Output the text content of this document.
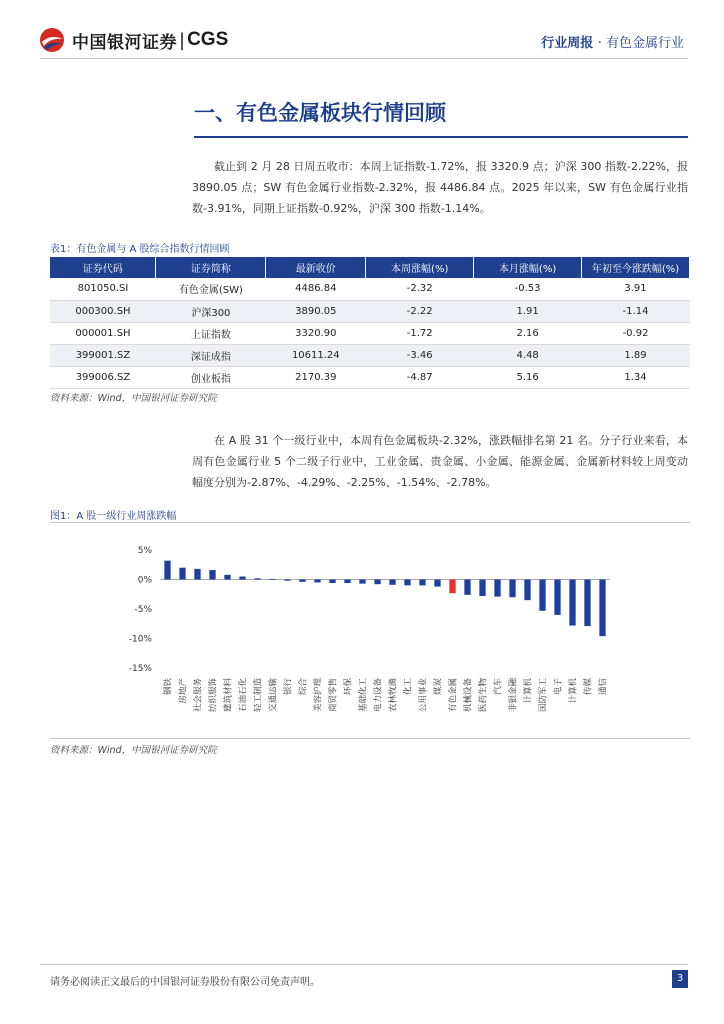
中国银河证券 | CGS	行业周报 · 有色金属行业
一、有色金属板块行情回顾
截止到 2 月 28 日周五收市：本周上证指数-1.72%，报 3320.9 点；沪深 300 指数-2.22%，报 3890.05 点；SW 有色金属行业指数-2.32%，报 4486.84 点。2025 年以来，SW 有色金属行业指数-3.91%，同期上证指数-0.92%，沪深 300 指数-1.14%。
表1：有色金属与 A 股综合指数行情回顾
证券代码	证券简称	最新收价	本周涨幅(%)	本月涨幅(%)	年初至今涨跌幅(%)
801050.SI	有色金属(SW)	4486.84	-2.32	-0.53	3.91
000300.SH	沪深300	3890.05	-2.22	1.91	-1.14
000001.SH	上证指数	3320.90	-1.72	2.16	-0.92
399001.SZ	深证成指	10611.24	-3.46	4.48	1.89
399006.SZ	创业板指	2170.39	-4.87	5.16	1.34
资料来源：Wind，中国银河证券研究院
在 A 股 31 个一级行业中，本周有色金属板块-2.32%，涨跌幅排名第 21 名。分子行业来看，本周有色金属行业 5 个二级子行业中，工业金属、贵金属、小金属、能源金属、金属新材料较上周变动幅度分别为-2.87%、-4.29%、-2.25%、-1.54%、-2.78%。
图1：A 股一级行业周涨跌幅
5%
0%
-5%
-10%
-15%
钢铁 房地产 社会服务 纺织服饰 建筑材料 石油石化 轻工制造 交通运输 银行 综合 美容护理 商贸零售 环保 基础化工 电力设备 农林牧渔 化工 公用事业 煤炭 有色金属 机械设备 医药生物 汽车 非银金融 计算机 国防军工 电子 计算机 传媒 通信
资料来源：Wind，中国银河证券研究院
请务必阅读正文最后的中国银河证券股份有限公司免责声明。	3
